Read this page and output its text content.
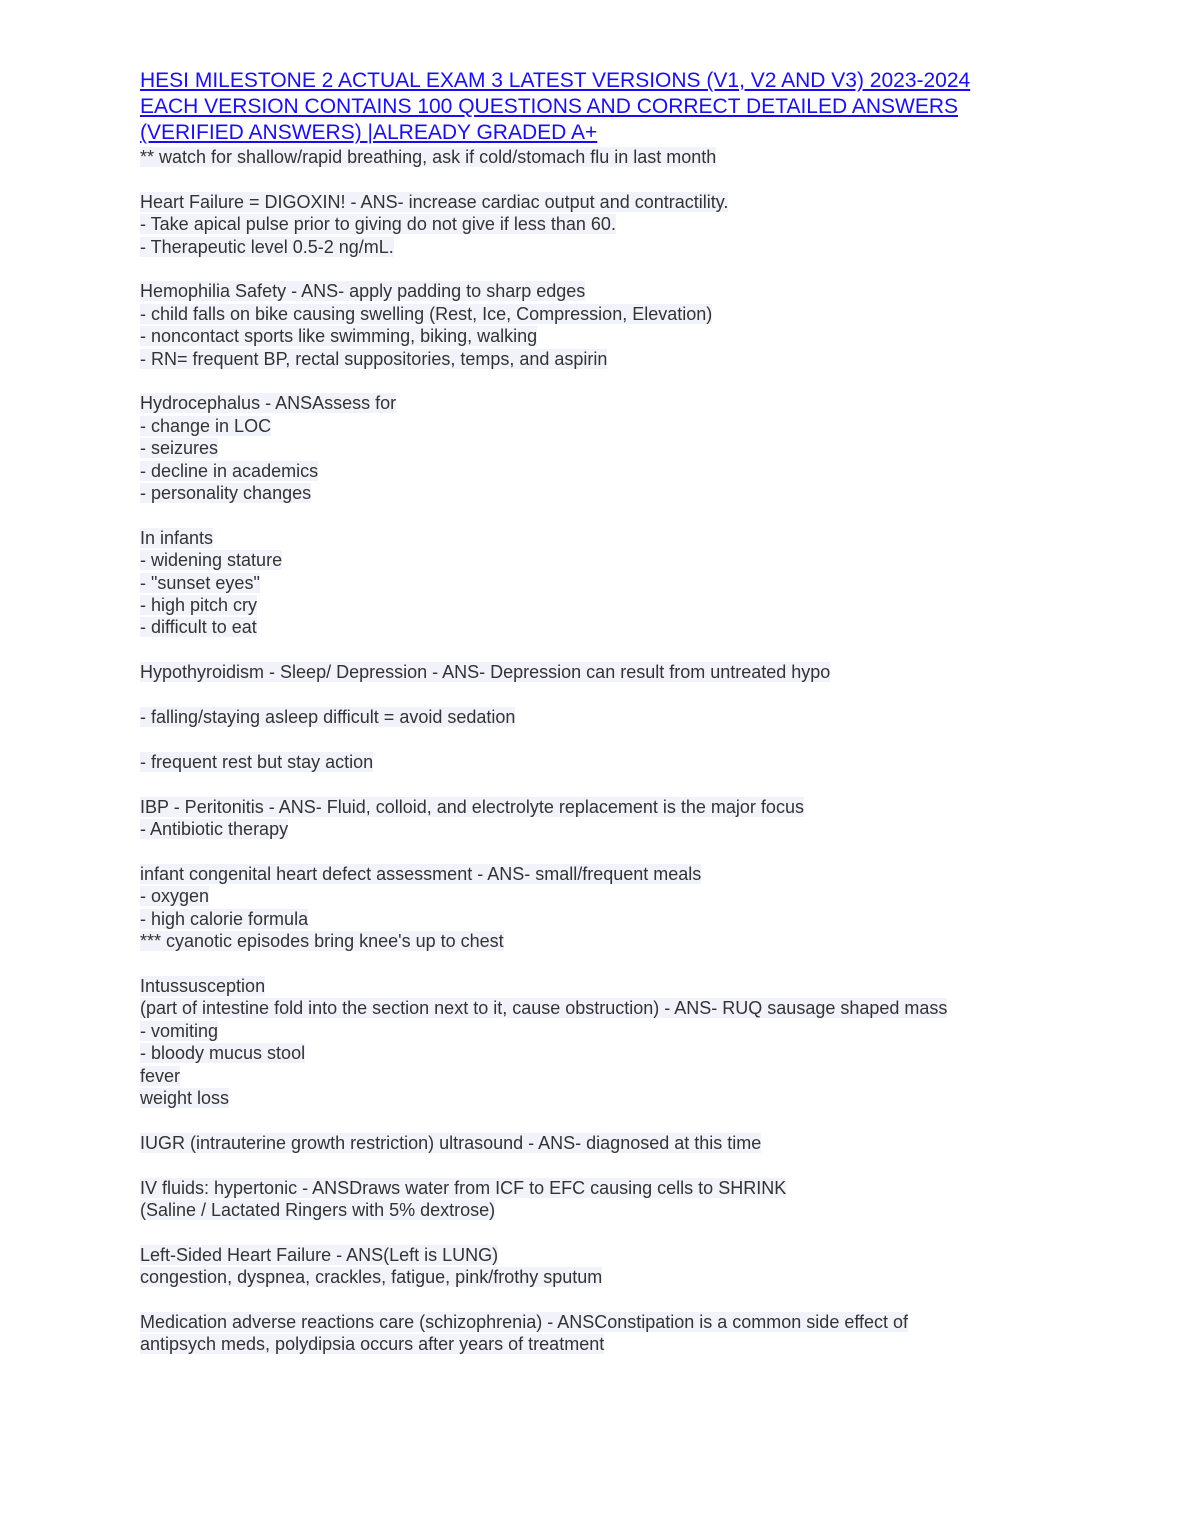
HESI MILESTONE 2 ACTUAL EXAM 3 LATEST VERSIONS (V1, V2 AND V3) 2023-2024
EACH VERSION CONTAINS 100 QUESTIONS AND CORRECT DETAILED ANSWERS
(VERIFIED ANSWERS) |ALREADY GRADED A+
** watch for shallow/rapid breathing, ask if cold/stomach flu in last month
Heart Failure = DIGOXIN! - ANS- increase cardiac output and contractility.
- Take apical pulse prior to giving do not give if less than 60.
- Therapeutic level 0.5-2 ng/mL.
Hemophilia Safety - ANS- apply padding to sharp edges
- child falls on bike causing swelling (Rest, Ice, Compression, Elevation)
- noncontact sports like swimming, biking, walking
- RN= frequent BP, rectal suppositories, temps, and aspirin
Hydrocephalus - ANSAssess for
- change in LOC
- seizures
- decline in academics
- personality changes
In infants
- widening stature
- "sunset eyes"
- high pitch cry
- difficult to eat
Hypothyroidism - Sleep/ Depression - ANS- Depression can result from untreated hypo
- falling/staying asleep difficult = avoid sedation
- frequent rest but stay action
IBP - Peritonitis - ANS- Fluid, colloid, and electrolyte replacement is the major focus
- Antibiotic therapy
infant congenital heart defect assessment - ANS- small/frequent meals
- oxygen
- high calorie formula
*** cyanotic episodes bring knee's up to chest
Intussusception
(part of intestine fold into the section next to it, cause obstruction) - ANS- RUQ sausage shaped mass
- vomiting
- bloody mucus stool
fever
weight loss
IUGR (intrauterine growth restriction) ultrasound - ANS- diagnosed at this time
IV fluids: hypertonic - ANSDraws water from ICF to EFC causing cells to SHRINK
(Saline / Lactated Ringers with 5% dextrose)
Left-Sided Heart Failure - ANS(Left is LUNG)
congestion, dyspnea, crackles, fatigue, pink/frothy sputum
Medication adverse reactions care (schizophrenia) - ANSConstipation is a common side effect of
antipsych meds, polydipsia occurs after years of treatment
